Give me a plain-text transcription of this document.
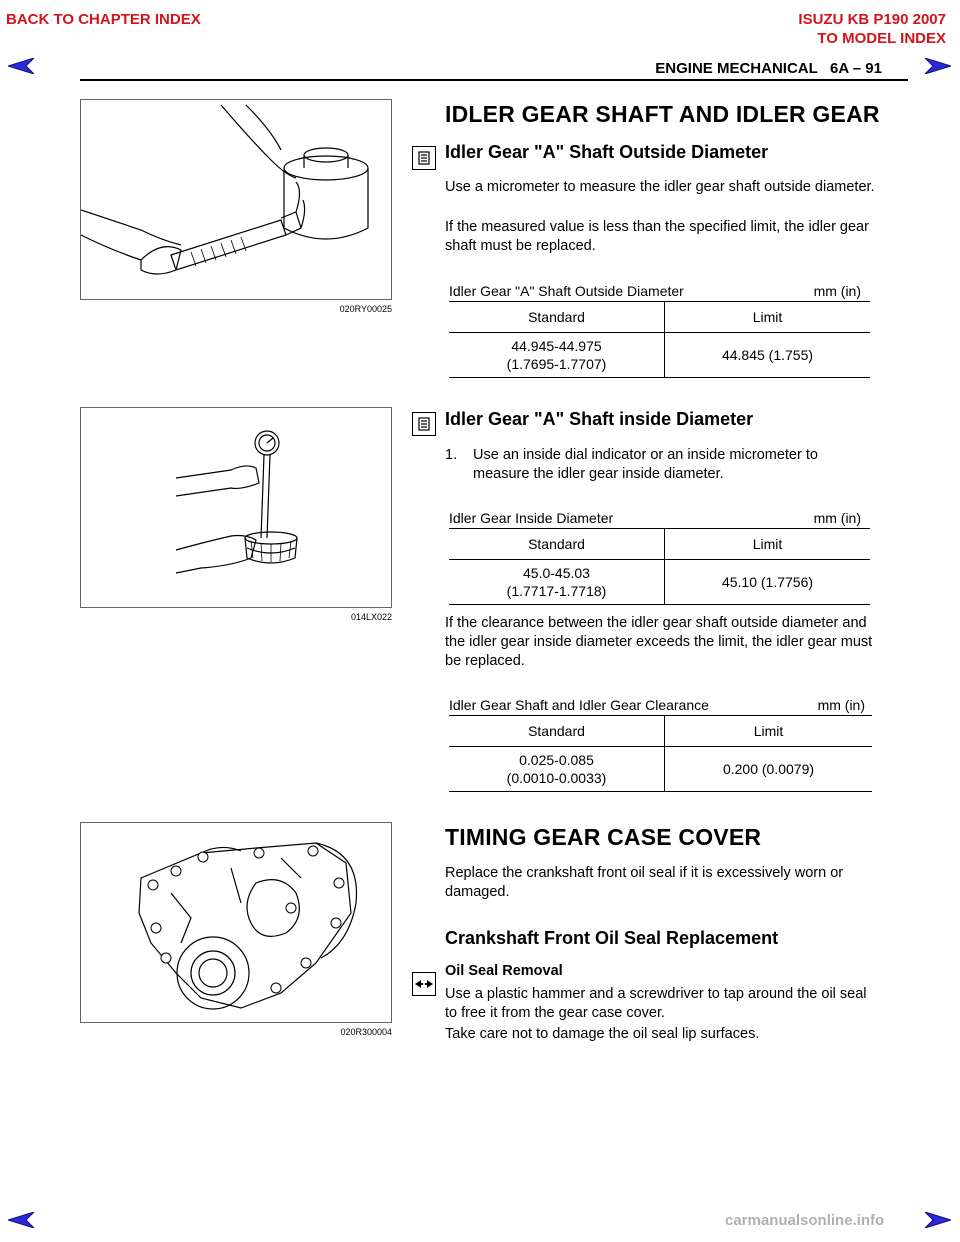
BACK TO CHAPTER INDEX	ISUZU KB P190 2007
TO MODEL INDEX
ENGINE MECHANICAL   6A – 91
020RY00025
IDLER GEAR SHAFT AND IDLER GEAR
Idler Gear "A" Shaft Outside Diameter
Use a micrometer to measure the idler gear shaft outside diameter.
If the measured value is less than the specified limit, the idler gear shaft must be replaced.
Idler Gear "A" Shaft Outside Diameter	mm (in)
Standard	Limit
44.945-44.975
(1.7695-1.7707)	44.845 (1.755)
014LX022
Idler Gear "A" Shaft inside Diameter
1. Use an inside dial indicator or an inside micrometer to measure the idler gear inside diameter.
Idler Gear Inside Diameter	mm (in)
Standard	Limit
45.0-45.03
(1.7717-1.7718)	45.10 (1.7756)
If the clearance between the idler gear shaft outside diameter and the idler gear inside diameter exceeds the limit, the idler gear must be replaced.
Idler Gear Shaft and Idler Gear Clearance	mm (in)
Standard	Limit
0.025-0.085
(0.0010-0.0033)	0.200 (0.0079)
020R300004
TIMING GEAR CASE COVER
Replace the crankshaft front oil seal if it is excessively worn or damaged.
Crankshaft Front Oil Seal Replacement
Oil Seal Removal
Use a plastic hammer and a screwdriver to tap around the oil seal to free it from the gear case cover.
Take care not to damage the oil seal lip surfaces.
carmanualsonline.info
